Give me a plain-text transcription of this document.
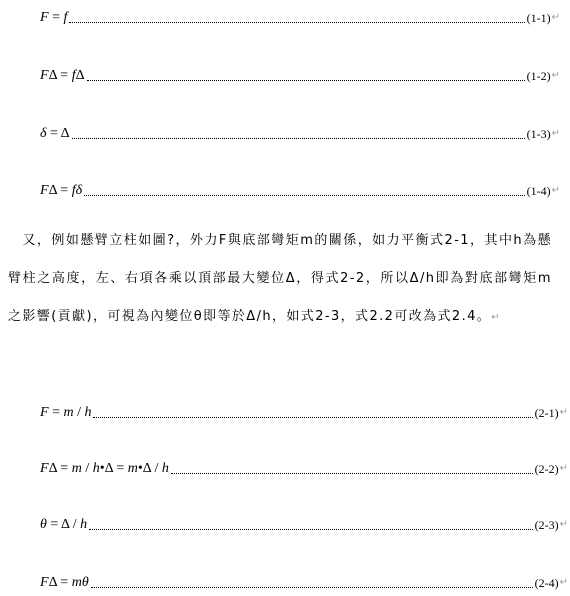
F = f	(1-1) ↵
FΔ = fΔ	(1-2) ↵
δ = Δ	(1-3) ↵
FΔ = fδ	(1-4) ↵
　又，例如懸臂立柱如圖?，外力F與底部彎矩m的關係，如力平衡式2-1，其中h為懸臂柱之高度，左、右項各乘以頂部最大變位Δ，得式2-2，所以Δ/h即為對底部彎矩m之影響(貢獻)，可視為內變位θ即等於Δ/h，如式2-3，式2.2可改為式2.4。↵
F = m / h	(2-1) ↵
FΔ = m / h•Δ = m•Δ / h	(2-2) ↵
θ = Δ / h	(2-3) ↵
FΔ = mθ	(2-4) ↵
